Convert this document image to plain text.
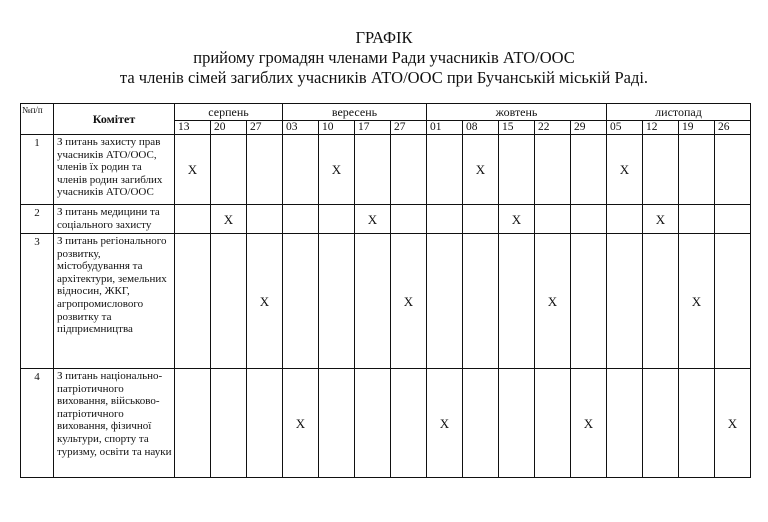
ГРАФІК
прийому громадян членами Ради учасників АТО/ООС
та членів сімей загиблих учасників АТО/ООС при Бучанській міській Раді.
№п/п	Комітет	серпень			вересень				жовтень					листопад			
		13	20	27	03	10	17	27	01	08	15	22	29	05	12	19	26
1	З питань захисту прав учасників АТО/ООС, членів їх родин та членів родин загиблих учасників АТО/ООС	Х				Х				Х				Х			
2	З питань медицини та соціального захисту		Х				Х				Х				Х		
3	З питань регіонального розвитку, містобудування та архітектури, земельних відносин, ЖКГ, агропромислового розвитку та підприємництва			Х				Х				Х				Х	
4	З питань національно-патріотичного виховання, військово-патріотичного виховання, фізичної культури, спорту та туризму, освіти та науки				Х				Х				Х				Х
